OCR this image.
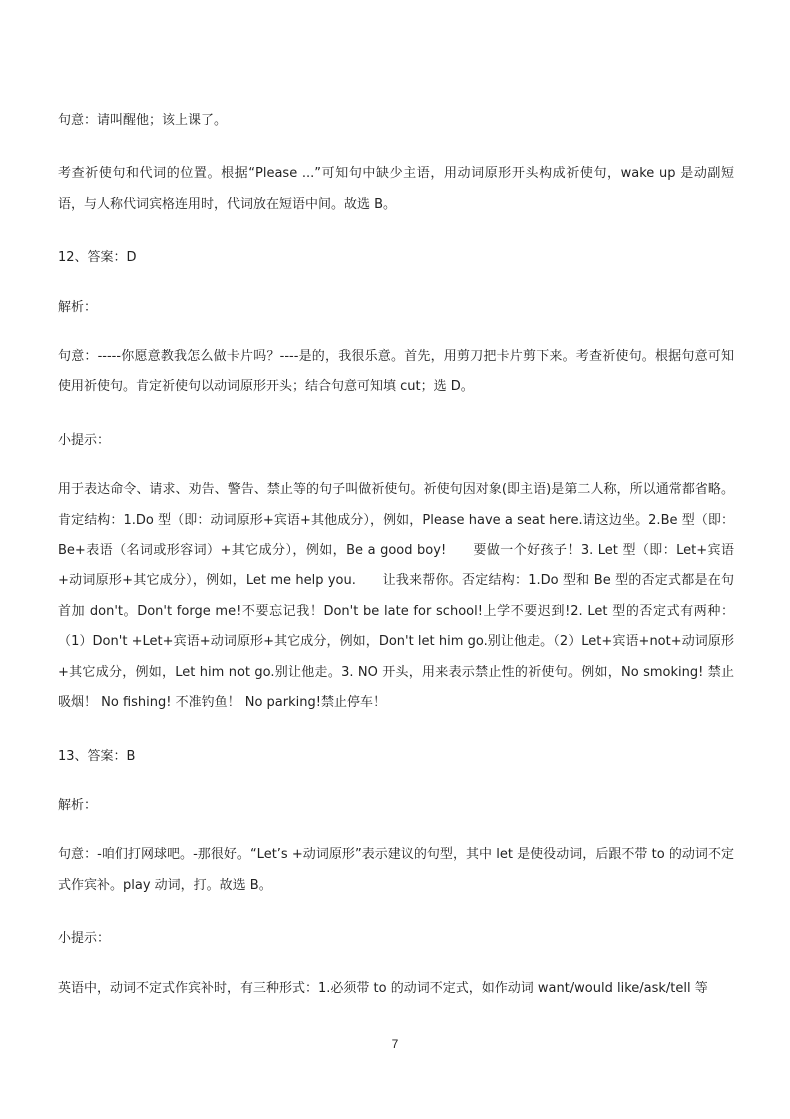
句意：请叫醒他；该上课了。

考查祈使句和代词的位置。根据“Please ...”可知句中缺少主语，用动词原形开头构成祈使句，wake up 是动副短语，与人称代词宾格连用时，代词放在短语中间。故选 B。

12、答案：D

解析：

句意：-----你愿意教我怎么做卡片吗？----是的，我很乐意。首先，用剪刀把卡片剪下来。考查祈使句。根据句意可知使用祈使句。肯定祈使句以动词原形开头；结合句意可知填 cut；选 D。

小提示：

用于表达命令、请求、劝告、警告、禁止等的句子叫做祈使句。祈使句因对象(即主语)是第二人称，所以通常都省略。肯定结构：1.Do 型（即：动词原形+宾语+其他成分），例如，Please have a seat here.请这边坐。2.Be 型（即：Be+表语（名词或形容词）+其它成分），例如，Be a good boy!　　要做一个好孩子！3. Let 型（即：Let+宾语+动词原形+其它成分），例如，Let me help you.　　让我来帮你。否定结构：1.Do 型和 Be 型的否定式都是在句首加 don't。Don't forge me!不要忘记我！Don't be late for school!上学不要迟到!2. Let 型的否定式有两种：（1）Don't +Let+宾语+动词原形+其它成分，例如，Don't let him go.别让他走。（2）Let+宾语+not+动词原形+其它成分，例如，Let him not go.别让他走。3. NO 开头，用来表示禁止性的祈使句。例如，No smoking! 禁止吸烟！ No fishing! 不准钓鱼！ No parking!禁止停车！

13、答案：B

解析：

句意：-咱们打网球吧。-那很好。“Let’s +动词原形”表示建议的句型，其中 let 是使役动词，后跟不带 to 的动词不定式作宾补。play 动词，打。故选 B。

小提示：

英语中，动词不定式作宾补时，有三种形式：1.必须带 to 的动词不定式，如作动词 want/would like/ask/tell 等

7
